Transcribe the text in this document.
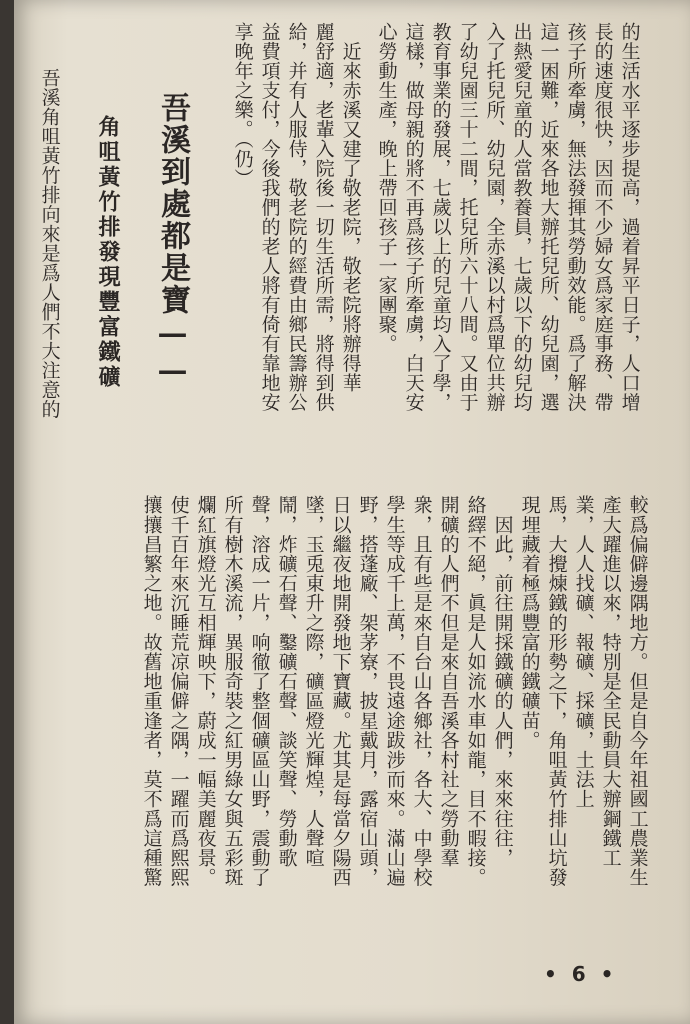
的生活水平逐步提高，過着昇平日子，人口增

長的速度很快，因而不少婦女爲家庭事務、帶

孩子所牽虜，無法發揮其勞動效能。爲了解決

這一困難，近來各地大辦托兒所、幼兒園，選

出熱愛兒童的人當教養員，七歲以下的幼兒均

入了托兒所、幼兒園，全赤溪以村爲單位共辦

了幼兒園三十二間，托兒所六十八間。又由于

教育事業的發展，七歲以上的兒童均入了學，

這樣，做母親的將不再爲孩子所牽虜，白天安

心勞動生產，晚上帶回孩子一家團聚。

　近來赤溪又建了敬老院，敬老院將辦得華

麗舒適，老輩入院後一切生活所需，將得到供

給，并有人服侍，敬老院的經費由鄉民籌辦公

益費項支付，今後我們的老人將有倚有靠地安

享晚年之樂。（仍）

吾溪到處都是寶——
角咀黃竹排發現豐富鐵礦

吾溪角咀黃竹排向來是爲人們不大注意的

較爲偏僻邊隅地方。但是自今年祖國工農業生

產大躍進以來，特別是全民動員大辦鋼鐵工

業，人人找礦、報礦、採礦，土法上

馬，大攪煉鐵的形勢之下，角咀黃竹排山坑發

現埋藏着極爲豐富的鐵礦苗。

　因此，前往開採鐵礦的人們，來來往往，

絡繹不絕，眞是人如流水車如龍，目不暇接。

開礦的人們不但是來自吾溪各村社之勞動羣

衆，且有些是來自台山各鄉社，各大、中學校

學生等成千上萬，不畏遠途跋涉而來。滿山遍

野，搭蓬廠、架茅寮，披星戴月，露宿山頭，

日以繼夜地開發地下寶藏。尤其是每當夕陽西

墜，玉兎東升之際，礦區燈光輝煌，人聲喧

鬧，炸礦石聲、鑿礦石聲、談笑聲、勞動歌

聲，溶成一片，响徹了整個礦區山野，震動了

所有樹木溪流，異服奇裝之紅男綠女與五彩斑

爛紅旗燈光互相輝映下，蔚成一幅美麗夜景。

使千百年來沉睡荒凉偏僻之隅，一躍而爲熙熙

攘攘昌繁之地。故舊地重逢者，莫不爲這種驚

• 6 •
